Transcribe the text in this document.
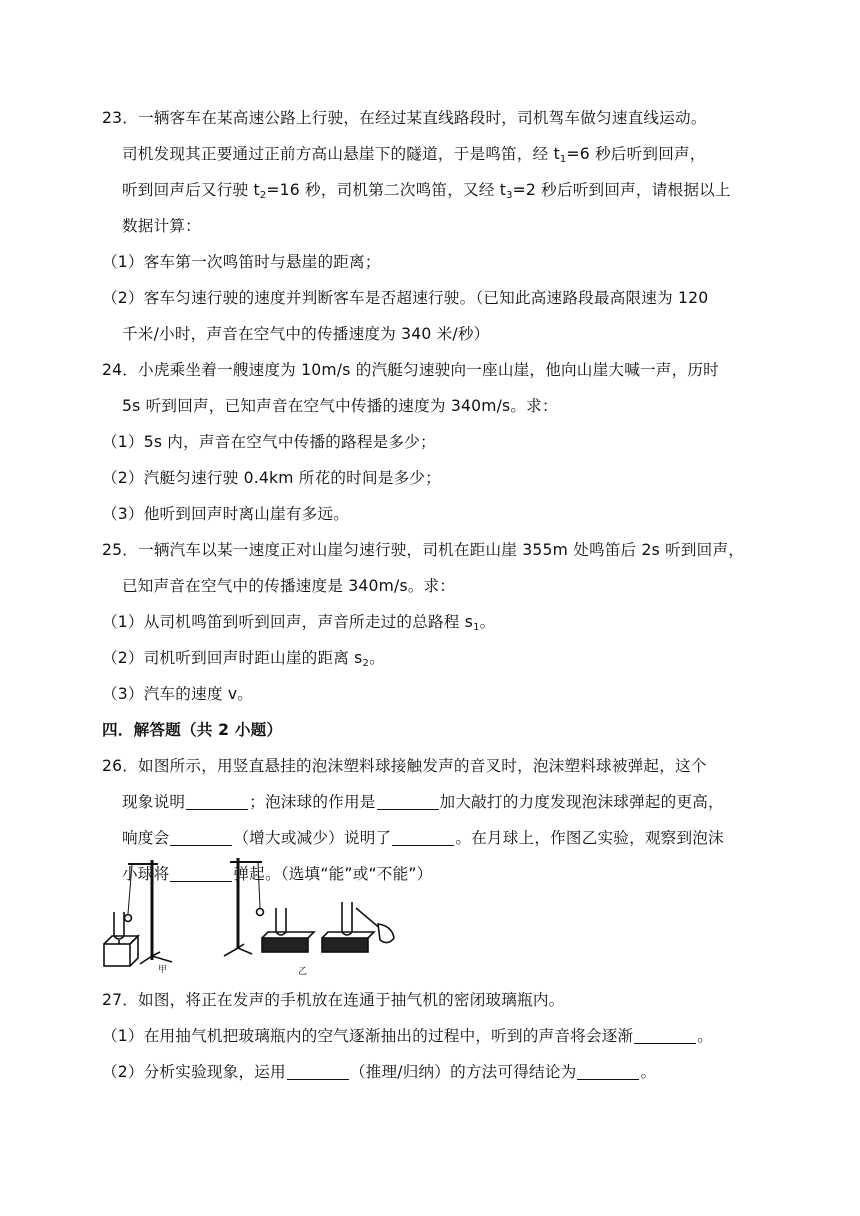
23．一辆客车在某高速公路上行驶，在经过某直线路段时，司机驾车做匀速直线运动。
司机发现其正要通过正前方高山悬崖下的隧道，于是鸣笛，经 $t_1=6$ 秒后听到回声，
听到回声后又行驶 $t_2=16$ 秒，司机第二次鸣笛，又经 $t_3=2$ 秒后听到回声，请根据以上
数据计算：
（1）客车第一次鸣笛时与悬崖的距离；
（2）客车匀速行驶的速度并判断客车是否超速行驶。（已知此高速路段最高限速为 120
千米/小时，声音在空气中的传播速度为 340 米/秒）
24．小虎乘坐着一艘速度为 10m/s 的汽艇匀速驶向一座山崖，他向山崖大喊一声，历时
5s 听到回声，已知声音在空气中传播的速度为 340m/s。求：
（1）5s 内，声音在空气中传播的路程是多少；
（2）汽艇匀速行驶 0.4km 所花的时间是多少；
（3）他听到回声时离山崖有多远。
25．一辆汽车以某一速度正对山崖匀速行驶，司机在距山崖 355m 处鸣笛后 2s 听到回声，
已知声音在空气中的传播速度是 340m/s。求：
（1）从司机鸣笛到听到回声，声音所走过的总路程 $s_1$。
（2）司机听到回声时距山崖的距离 $s_2$。
（3）汽车的速度 v。
四．解答题（共 2 小题）
26．如图所示，用竖直悬挂的泡沫塑料球接触发声的音叉时，泡沫塑料球被弹起，这个
现象说明	；泡沫球的作用是	加大敲打的力度发现泡沫球弹起的更高，
响度会	（增大或减少）说明了	。在月球上，作图乙实验，观察到泡沫
小球将	弹起。（选填“能”或“不能”）
甲	乙
27．如图，将正在发声的手机放在连通于抽气机的密闭玻璃瓶内。
（1）在用抽气机把玻璃瓶内的空气逐渐抽出的过程中，听到的声音将会逐渐	。
（2）分析实验现象，运用	（推理/归纳）的方法可得结论为	。
